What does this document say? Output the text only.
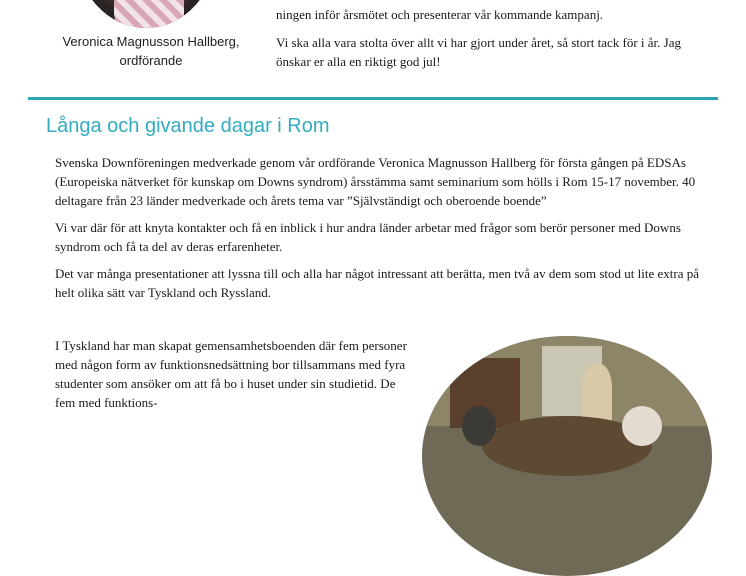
Veronica Magnusson Hallberg,
ordförande

ningen inför årsmötet och presenterar vår kommande kampanj.

Vi ska alla vara stolta över allt vi har gjort under året, så stort tack för i år. Jag önskar er alla en riktigt god jul!

Långa och givande dagar i Rom

Svenska Downföreningen medverkade genom vår ordförande Veronica Magnusson Hallberg för första gången på EDSAs (Europeiska nätverket för kunskap om Downs syndrom) årsstämma samt seminarium som hölls i Rom 15-17 november. 40 deltagare från 23 länder medverkade och årets tema var ”Självständigt och oberoende boende”

Vi var där för att knyta kontakter och få en inblick i hur andra länder arbetar med frågor som berör personer med Downs syndrom och få ta del av deras erfarenheter.

Det var många presentationer att lyssna till och alla har något intressant att berätta, men två av dem som stod ut lite extra på helt olika sätt var Tyskland och Ryssland.

I Tyskland har man skapat gemensamhetsboenden där fem personer med någon form av funktionsnedsättning bor tillsammans med fyra studenter som ansöker om att få bo i huset under sin studietid. De fem med funktions-
